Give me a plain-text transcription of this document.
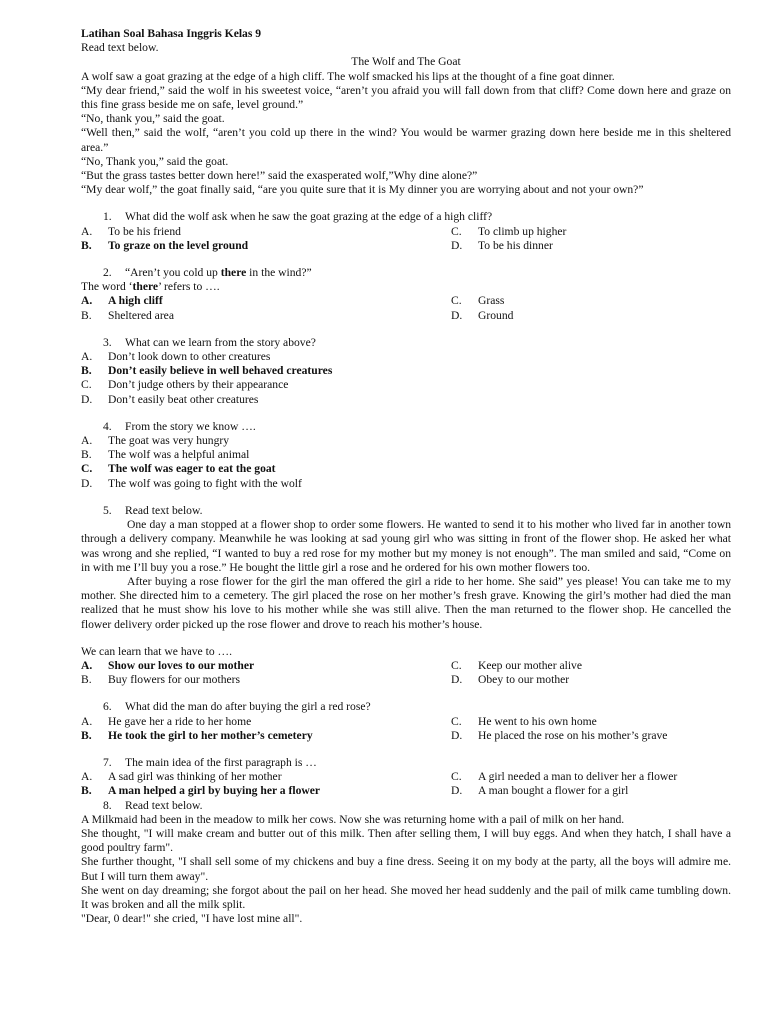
Latihan Soal Bahasa Inggris Kelas 9
Read text below.
The Wolf and The Goat
A wolf saw a goat grazing at the edge of a high cliff. The wolf smacked his lips at the thought of a fine goat dinner.
“My dear friend,” said the wolf in his sweetest voice, “aren’t you afraid you will fall down from that cliff? Come down here and graze on this fine grass beside me on safe, level ground.”
“No, thank you,” said the goat.
“Well then,” said the wolf, “aren’t you cold up there in the wind? You would be warmer grazing down here beside me in this sheltered area.”
“No, Thank you,” said the goat.
“But the grass tastes better down here!” said the exasperated wolf,”Why dine alone?”
“My dear wolf,” the goat finally said, “are you quite sure that it is My dinner you are worrying about and not your own?”
1. What did the wolf ask when he saw the goat grazing at the edge of a high cliff?
A.	To be his friend	C.	To climb up higher
B.	To graze on the level ground	D.	To be his dinner
2. “Aren’t you cold up there in the wind?”
The word ‘there’ refers to ….
A.	A high cliff	C.	Grass
B.	Sheltered area	D.	Ground
3. What can we learn from the story above?
A.	Don’t look down to other creatures
B.	Don’t easily believe in well behaved creatures
C.	Don’t judge others by their appearance
D.	Don’t easily beat other creatures
4. From the story we know ….
A.	The goat was very hungry
B.	The wolf was a helpful animal
C.	The wolf was eager to eat the goat
D.	The wolf was going to fight with the wolf
5. Read text below.
One day a man stopped at a flower shop to order some flowers. He wanted to send it to his mother who lived far in another town through a delivery company. Meanwhile he was looking at sad young girl who was sitting in front of the flower shop. He asked her what was wrong and she replied, “I wanted to buy a red rose for my mother but my money is not enough”. The man smiled and said, “Come on in with me I’ll buy you a rose.” He bought the little girl a rose and he ordered for his own mother flowers too.
After buying a rose flower for the girl the man offered the girl a ride to her home. She said” yes please! You can take me to my mother. She directed him to a cemetery. The girl placed the rose on her mother’s fresh grave. Knowing the girl’s mother had died the man realized that he must show his love to his mother while she was still alive. Then the man returned to the flower shop. He cancelled the flower delivery order picked up the rose flower and drove to reach his mother’s house.
We can learn that we have to ….
A.	Show our loves to our mother	C.	Keep our mother alive
B.	Buy flowers for our mothers	D.	Obey to our mother
6. What did the man do after buying the girl a red rose?
A.	He gave her a ride to her home	C.	He went to his own home
B.	He took the girl to her mother’s cemetery	D.	He placed the rose on his mother’s grave
7. The main idea of the first paragraph is …
A.	A sad girl was thinking of her mother	C.	A girl needed a man to deliver her a flower
B.	A man helped a girl by buying her a flower	D.	A man bought a flower for a girl
8. Read text below.
A Milkmaid had been in the meadow to milk her cows. Now she was returning home with a pail of milk on her hand.
She thought, "I will make cream and butter out of this milk. Then after selling them, I will buy eggs. And when they hatch, I shall have a good poultry farm".
She further thought, "I shall sell some of my chickens and buy a fine dress. Seeing it on my body at the party, all the boys will admire me. But I will turn them away".
She went on day dreaming; she forgot about the pail on her head. She moved her head suddenly and the pail of milk came tumbling down. It was broken and all the milk split.
"Dear, 0 dear!" she cried, "I have lost mine all".
